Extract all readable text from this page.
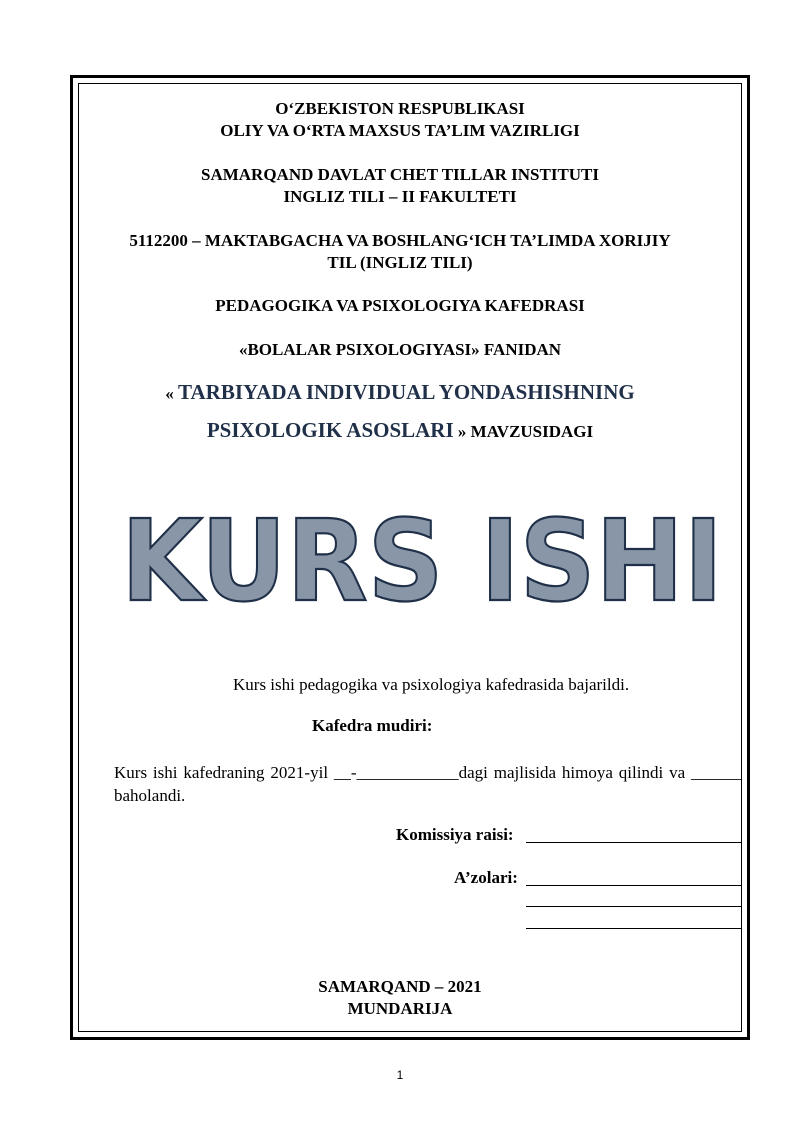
O‘ZBEKISTON RESPUBLIKASI
OLIY VA O‘RTA MAXSUS TA’LIM VAZIRLIGI
SAMARQAND DAVLAT CHET TILLAR INSTITUTI
INGLIZ TILI – II FAKULTETI
5112200 – MAKTABGACHA VA BOSHLANG‘ICH TA’LIMDA XORIJIY
TIL (INGLIZ TILI)
PEDAGOGIKA VA PSIXOLOGIYA KAFEDRASI
«BOLALAR PSIXOLOGIYASI» FANIDAN
« TARBIYADA INDIVIDUAL YONDASHISHNING
PSIXOLOGIK ASOSLARI » MAVZUSIDAGI
KURS ISHI
Kurs ishi pedagogika va psixologiya kafedrasida bajarildi.
Kafedra mudiri:
Kurs ishi kafedraning 2021-yil __-____________dagi majlisida himoya qilindi va ______ baholandi.
Komissiya raisi:
A’zolari:
SAMARQAND – 2021
MUNDARIJA
1
